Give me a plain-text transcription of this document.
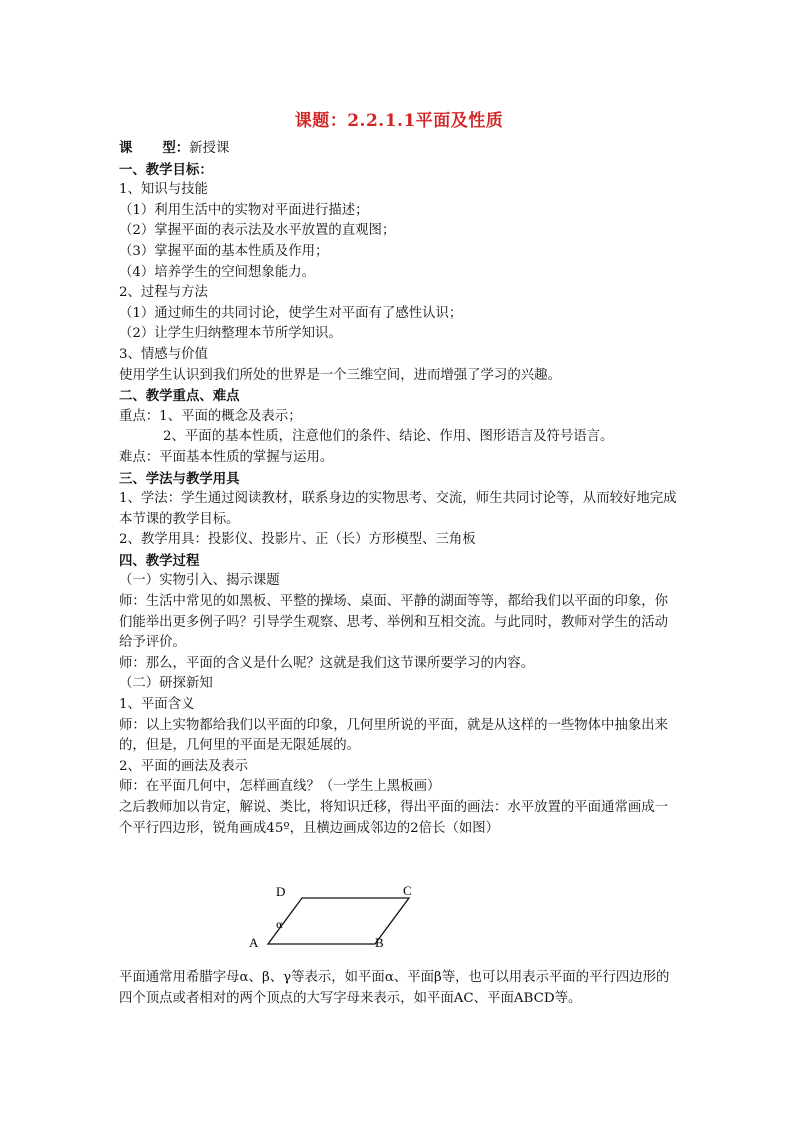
课题：2.2.1.1平面及性质

课 型：新授课

一、教学目标：

1、知识与技能

（1）利用生活中的实物对平面进行描述；

（2）掌握平面的表示法及水平放置的直观图；

（3）掌握平面的基本性质及作用；

（4）培养学生的空间想象能力。

2、过程与方法

（1）通过师生的共同讨论，使学生对平面有了感性认识；

（2）让学生归纳整理本节所学知识。

3、情感与价值

使用学生认识到我们所处的世界是一个三维空间，进而增强了学习的兴趣。

二、教学重点、难点

重点：1、平面的概念及表示；

2、平面的基本性质，注意他们的条件、结论、作用、图形语言及符号语言。

难点：平面基本性质的掌握与运用。

三、学法与教学用具

1、学法：学生通过阅读教材，联系身边的实物思考、交流，师生共同讨论等，从而较好地完成本节课的教学目标。

2、教学用具：投影仪、投影片、正（长）方形模型、三角板

四、教学过程

（一）实物引入、揭示课题

师：生活中常见的如黑板、平整的操场、桌面、平静的湖面等等，都给我们以平面的印象，你们能举出更多例子吗？引导学生观察、思考、举例和互相交流。与此同时，教师对学生的活动给予评价。

师：那么，平面的含义是什么呢？这就是我们这节课所要学习的内容。

（二）研探新知

1、平面含义

师：以上实物都给我们以平面的印象，几何里所说的平面，就是从这样的一些物体中抽象出来的，但是，几何里的平面是无限延展的。

2、平面的画法及表示

师：在平面几何中，怎样画直线？（一学生上黑板画）

之后教师加以肯定，解说、类比，将知识迁移，得出平面的画法：水平放置的平面通常画成一个平行四边形，锐角画成45º，且横边画成邻边的2倍长（如图）

D	C
A	B
α
平面通常用希腊字母α、β、γ等表示，如平面α、平面β等，也可以用表示平面的平行四边形的四个顶点或者相对的两个顶点的大写字母来表示，如平面AC、平面ABCD等。
